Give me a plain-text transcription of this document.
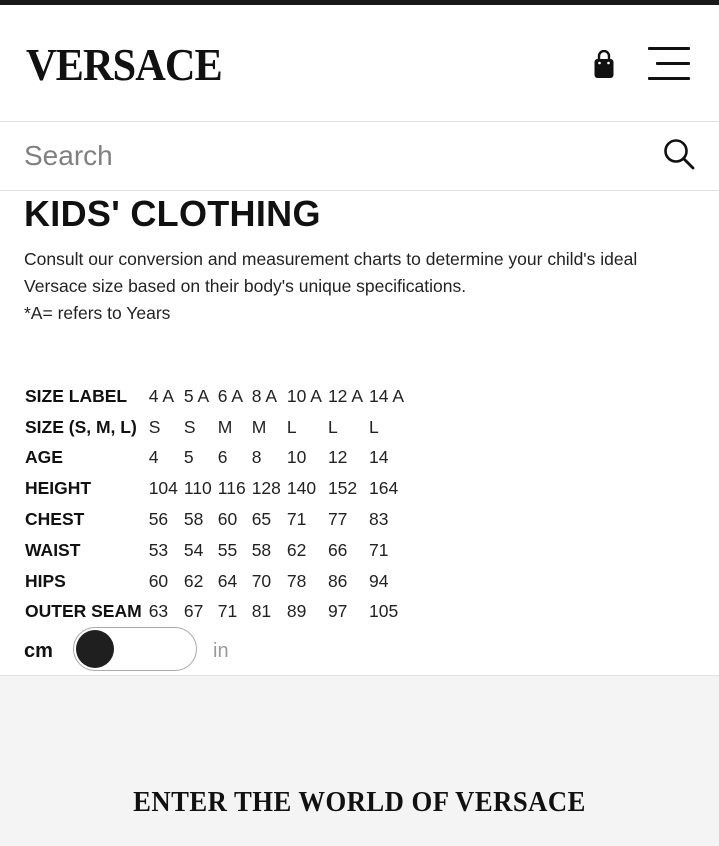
VERSACE
Search
KIDS' CLOTHING

Consult our conversion and measurement charts to determine your child's ideal Versace size based on their body's unique specifications.

*A= refers to Years

SIZE LABEL	4 A	5 A	6 A	8 A	10 A	12 A	14 A
SIZE (S, M, L)	S	S	M	M	L	L	L
AGE	4	5	6	8	10	12	14
HEIGHT	104	110	116	128	140	152	164
CHEST	56	58	60	65	71	77	83
WAIST	53	54	55	58	62	66	71
HIPS	60	62	64	70	78	86	94
OUTER SEAM	63	67	71	81	89	97	105
cm	in
ENTER THE WORLD OF VERSACE
